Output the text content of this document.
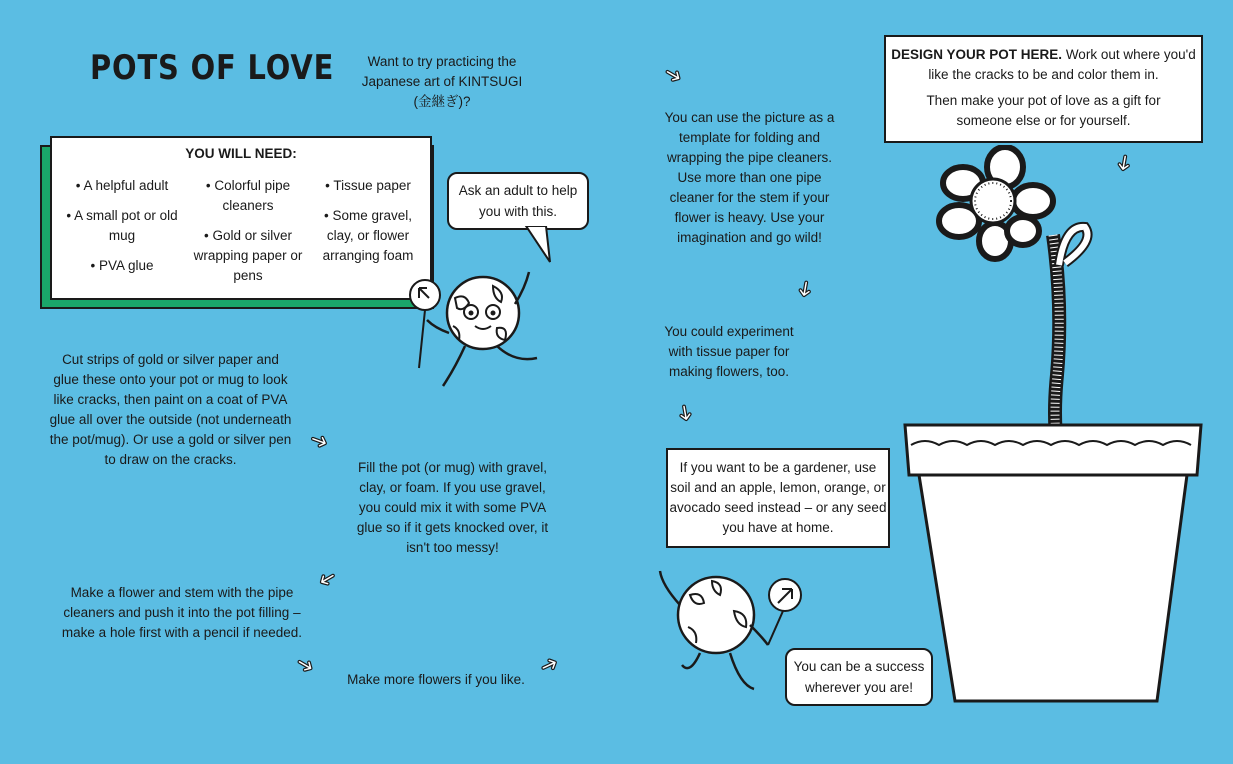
POTS OF LOVE	Want to try practicing the
Japanese art of KINTSUGI
(金継ぎ)?
YOU WILL NEED:
• A helpful adult
• A small pot or old mug
• PVA glue
• Colorful pipe cleaners
• Gold or silver wrapping paper or pens
• Tissue paper
• Some gravel, clay, or flower arranging foam
Ask an adult to help you with this.
Cut strips of gold or silver paper and glue these onto your pot or mug to look like cracks, then paint on a coat of PVA glue all over the outside (not underneath the pot/mug). Or use a gold or silver pen to draw on the cracks.
➜
Fill the pot (or mug) with gravel, clay, or foam. If you use gravel, you could mix it with some PVA glue so if it gets knocked over, it isn't too messy!
➜
Make a flower and stem with the pipe cleaners and push it into the pot filling – make a hole first with a pencil if needed.
➜	Make more flowers if you like. ➜
➜
You can use the picture as a template for folding and wrapping the pipe cleaners. Use more than one pipe cleaner for the stem if your flower is heavy. Use your imagination and go wild!
➜
You could experiment with tissue paper for making flowers, too.
➜
If you want to be a gardener, use soil and an apple, lemon, orange, or avocado seed instead – or any seed you have at home.
You can be a success wherever you are!
DESIGN YOUR POT HERE. Work out where you'd like the cracks to be and color them in.
Then make your pot of love as a gift for someone else or for yourself.
➜
